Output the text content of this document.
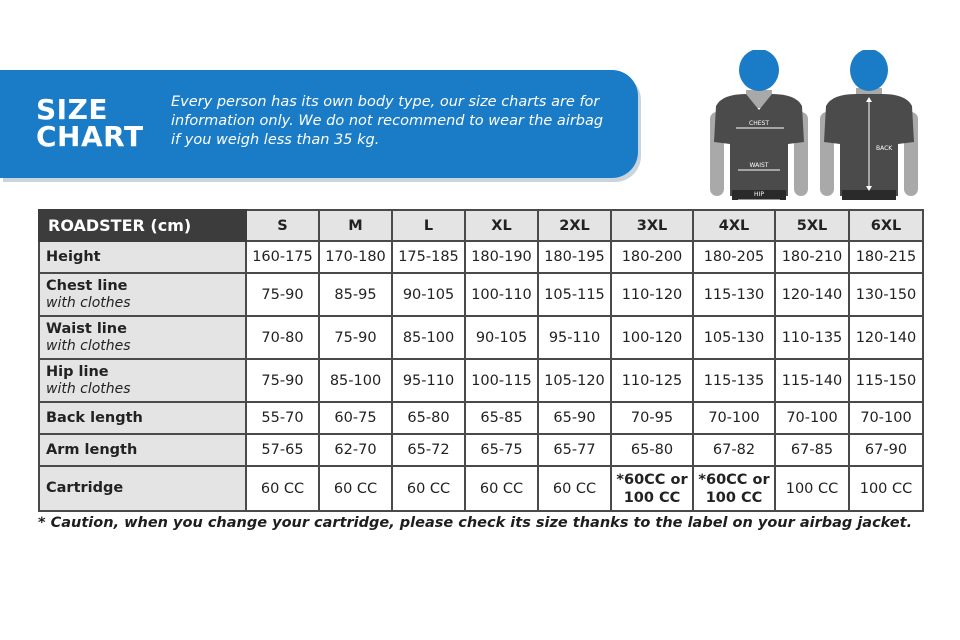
SIZE
CHART
Every person has its own body type, our size charts are for information only. We do not recommend to wear the airbag if you weigh less than 35 kg.
CHEST
WAIST
HIP
BACK
ROADSTER (cm)	S	M	L	XL	2XL	3XL	4XL	5XL	6XL

Height	160-175	170-180	175-185	180-190	180-195	180-200	180-205	180-210	180-215

Chest line
with clothes	75-90	85-95	90-105	100-110	105-115	110-120	115-130	120-140	130-150

Waist line
with clothes	70-80	75-90	85-100	90-105	95-110	100-120	105-130	110-135	120-140

Hip line
with clothes	75-90	85-100	95-110	100-115	105-120	110-125	115-135	115-140	115-150

Back length	55-70	60-75	65-80	65-85	65-90	70-95	70-100	70-100	70-100

Arm length	57-65	62-70	65-72	65-75	65-77	65-80	67-82	67-85	67-90

Cartridge	60 CC	60 CC	60 CC	60 CC	60 CC	*60CC or 100 CC	*60CC or 100 CC	100 CC	100 CC
* Caution, when you change your cartridge, please check its size thanks to the label on your airbag jacket.
